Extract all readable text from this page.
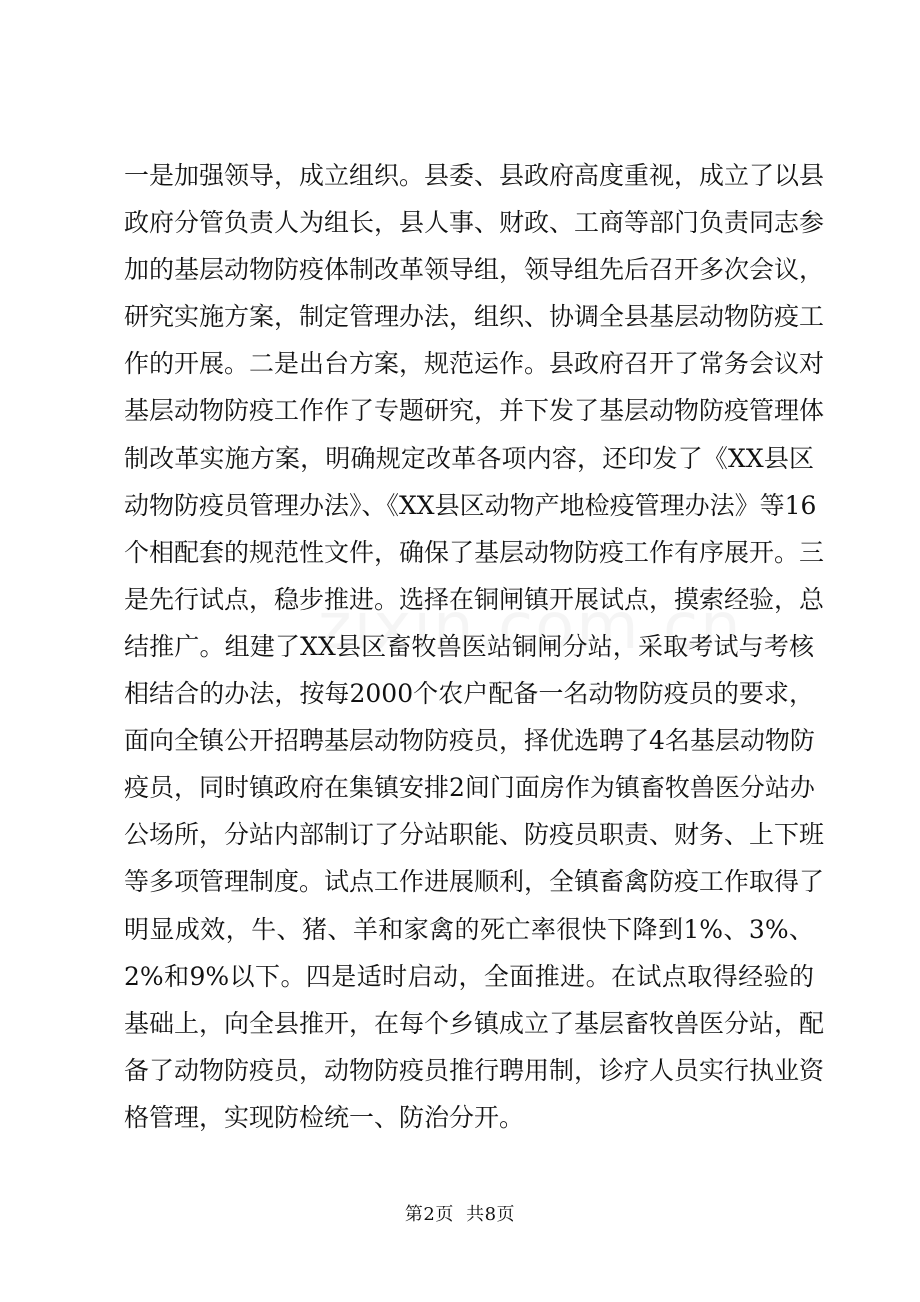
一是加强领导，成立组织。县委、县政府高度重视，成立了以县
政府分管负责人为组长，县人事、财政、工商等部门负责同志参
加的基层动物防疫体制改革领导组，领导组先后召开多次会议，
研究实施方案，制定管理办法，组织、协调全县基层动物防疫工
作的开展。二是出台方案，规范运作。县政府召开了常务会议对
基层动物防疫工作作了专题研究，并下发了基层动物防疫管理体
制改革实施方案，明确规定改革各项内容，还印发了《XX县区
动物防疫员管理办法》、《XX县区动物产地检疫管理办法》等16
个相配套的规范性文件，确保了基层动物防疫工作有序展开。三
是先行试点，稳步推进。选择在铜闸镇开展试点，摸索经验，总
结推广。组建了XX县区畜牧兽医站铜闸分站，采取考试与考核
相结合的办法，按每2000个农户配备一名动物防疫员的要求，
面向全镇公开招聘基层动物防疫员，择优选聘了4名基层动物防
疫员，同时镇政府在集镇安排2间门面房作为镇畜牧兽医分站办
公场所，分站内部制订了分站职能、防疫员职责、财务、上下班
等多项管理制度。试点工作进展顺利，全镇畜禽防疫工作取得了
明显成效，牛、猪、羊和家禽的死亡率很快下降到1%、3%、
2%和9%以下。四是适时启动，全面推进。在试点取得经验的
基础上，向全县推开，在每个乡镇成立了基层畜牧兽医分站，配
备了动物防疫员，动物防疫员推行聘用制，诊疗人员实行执业资
格管理，实现防检统一、防治分开。
第2页 共8页
